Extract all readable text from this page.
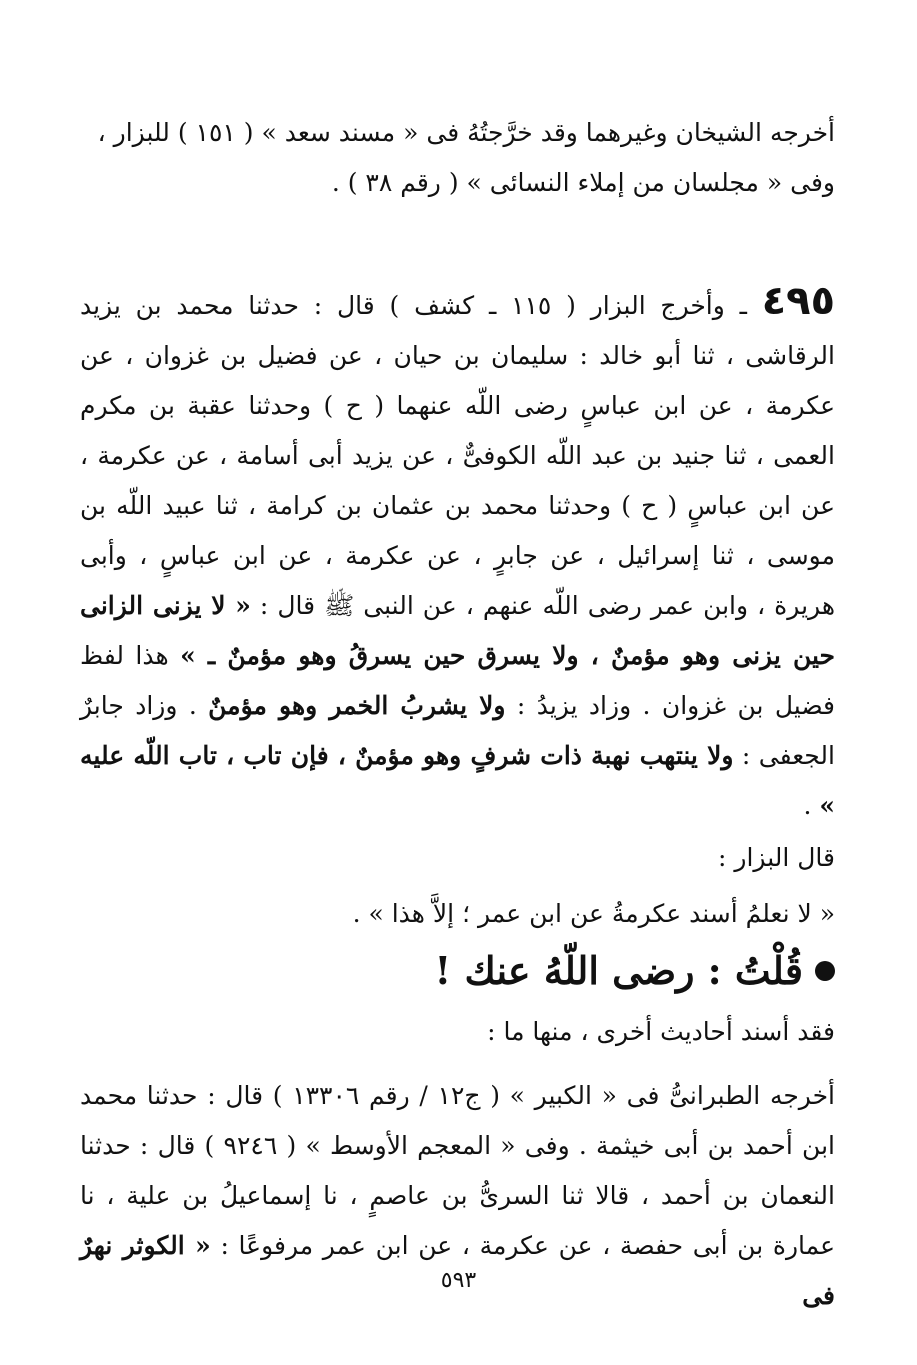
أخرجه الشيخان وغيرهما وقد خرَّجتُهُ فى « مسند سعد » ( ١٥١ ) للبزار ،
وفى « مجلسان من إملاء النسائى » ( رقم ٣٨ ) .

٤٩٥ ـ وأخرج البزار ( ١١٥ ـ كشف ) قال : حدثنا محمد بن يزيد الرقاشى ، ثنا أبو خالد : سليمان بن حيان ، عن فضيل بن غزوان ، عن عكرمة ، عن ابن عباسٍ رضى اللّه عنهما ( ح ) وحدثنا عقبة بن مكرم العمى ، ثنا جنيد بن عبد اللّه الكوفىٌّ ، عن يزيد أبى أسامة ، عن عكرمة ، عن ابن عباسٍ ( ح ) وحدثنا محمد بن عثمان بن كرامة ، ثنا عبيد اللّه بن موسى ، ثنا إسرائيل ، عن جابرٍ ، عن عكرمة ، عن ابن عباسٍ ، وأبى هريرة ، وابن عمر رضى اللّه عنهم ، عن النبى ﷺ قال : « لا يزنى الزانى حين يزنى وهو مؤمنٌ ، ولا يسرق حين يسرقُ وهو مؤمنٌ ـ » هذا لفظ فضيل بن غزوان . وزاد يزيدُ : ولا يشربُ الخمر وهو مؤمنٌ . وزاد جابرٌ الجعفى : ولا ينتهب نهبة ذات شرفٍ وهو مؤمنٌ ، فإن تاب ، تاب اللّه عليه » .

قال البزار :

« لا نعلمُ أسند عكرمةُ عن ابن عمر ؛ إلاَّ هذا » .

قُلْتُ : رضى اللّهُ عنك !

فقد أسند أحاديث أخرى ، منها ما :

أخرجه الطبرانىُّ فى « الكبير » ( ج١٢ / رقم ١٣٣٠٦ ) قال : حدثنا محمد ابن أحمد بن أبى خيثمة . وفى « المعجم الأوسط » ( ٩٢٤٦ ) قال : حدثنا النعمان بن أحمد ، قالا ثنا السرىُّ بن عاصمٍ ، نا إسماعيلُ بن علية ، نا عمارة بن أبى حفصة ، عن عكرمة ، عن ابن عمر مرفوعًا : « الكوثر نهرٌ فى

٥٩٣
